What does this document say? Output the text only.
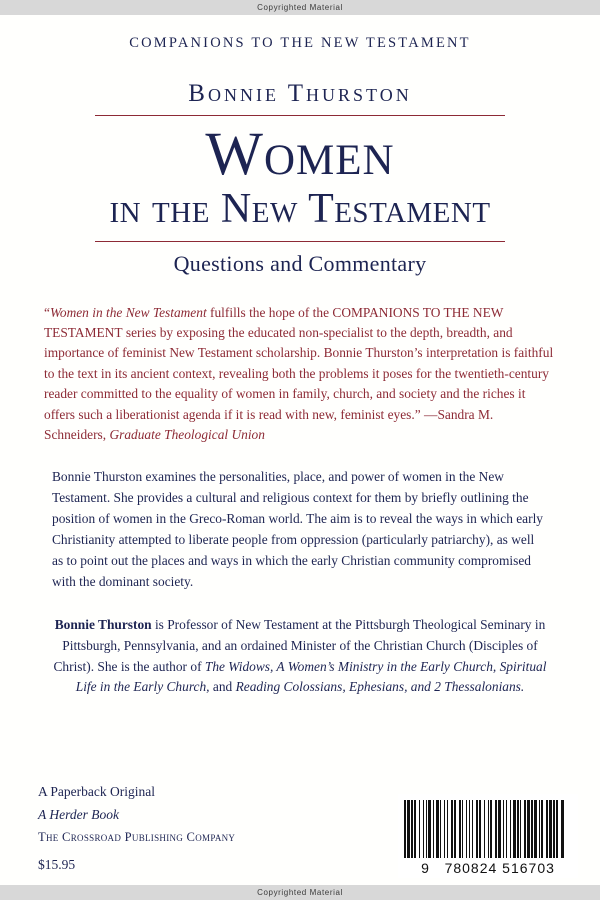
Copyrighted Material
COMPANIONS TO THE NEW TESTAMENT
Bonnie Thurston
Women
in the New Testament
Questions and Commentary
“Women in the New Testament fulfills the hope of the COMPANIONS TO THE NEW TESTAMENT series by exposing the educated non-specialist to the depth, breadth, and importance of feminist New Testament scholarship. Bonnie Thurston’s interpretation is faithful to the text in its ancient context, revealing both the problems it poses for the twentieth-century reader committed to the equality of women in family, church, and society and the riches it offers such a liberationist agenda if it is read with new, feminist eyes.” —Sandra M. Schneiders, Graduate Theological Union
Bonnie Thurston examines the personalities, place, and power of women in the New Testament. She provides a cultural and religious context for them by briefly outlining the position of women in the Greco-Roman world. The aim is to reveal the ways in which early Christianity attempted to liberate people from oppression (particularly patriarchy), as well as to point out the places and ways in which the early Christian community compromised with the dominant society.
Bonnie Thurston is Professor of New Testament at the Pittsburgh Theological Seminary in Pittsburgh, Pennsylvania, and an ordained Minister of the Christian Church (Disciples of Christ). She is the author of The Widows, A Women’s Ministry in the Early Church, Spiritual Life in the Early Church, and Reading Colossians, Ephesians, and 2 Thessalonians.
A Paperback Original
A Herder Book
The Crossroad Publishing Company
$15.95	9 780824 516703
Copyrighted Material
